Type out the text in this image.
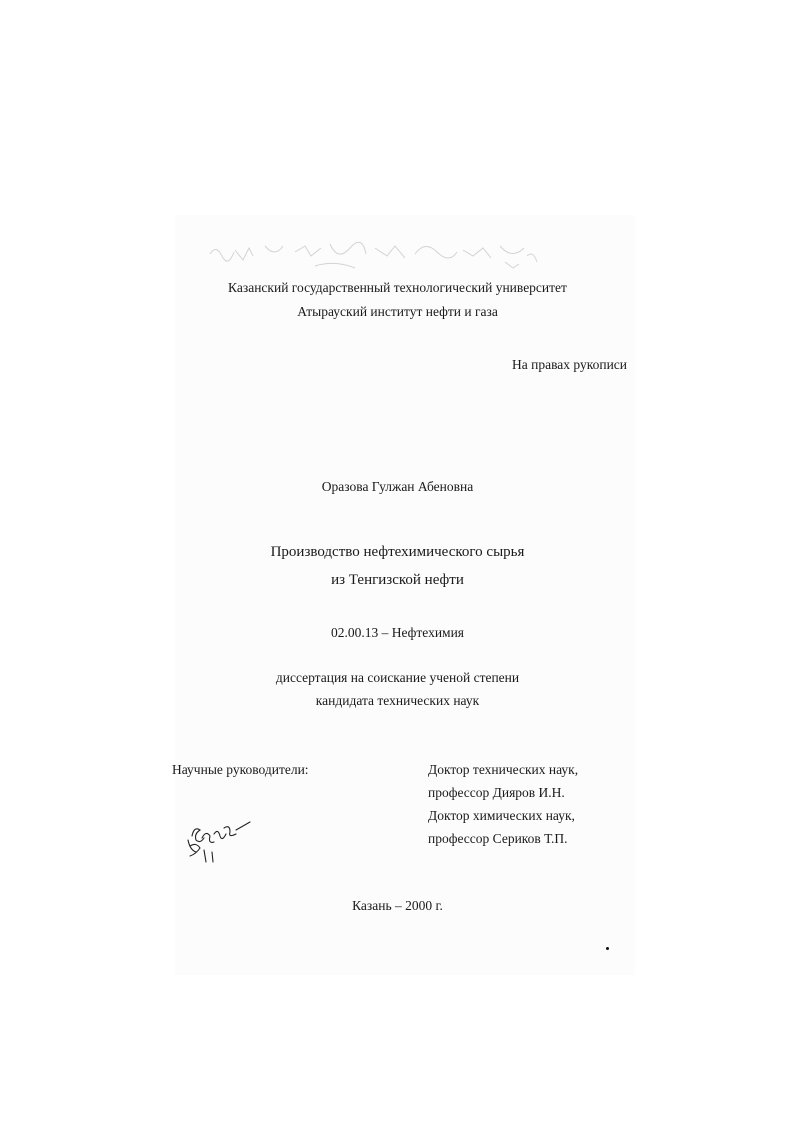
Казанский государственный технологический университет
Атырауский институт нефти и газа
На правах рукописи
Оразова Гулжан Абеновна
Производство нефтехимического сырья
из Тенгизской нефти
02.00.13 – Нефтехимия
диссертация на соискание ученой степени
кандидата технических наук
Научные руководители:	Доктор технических наук,
профессор Дияров И.Н.
Доктор химических наук,
профессор Сериков Т.П.
Казань – 2000 г.
